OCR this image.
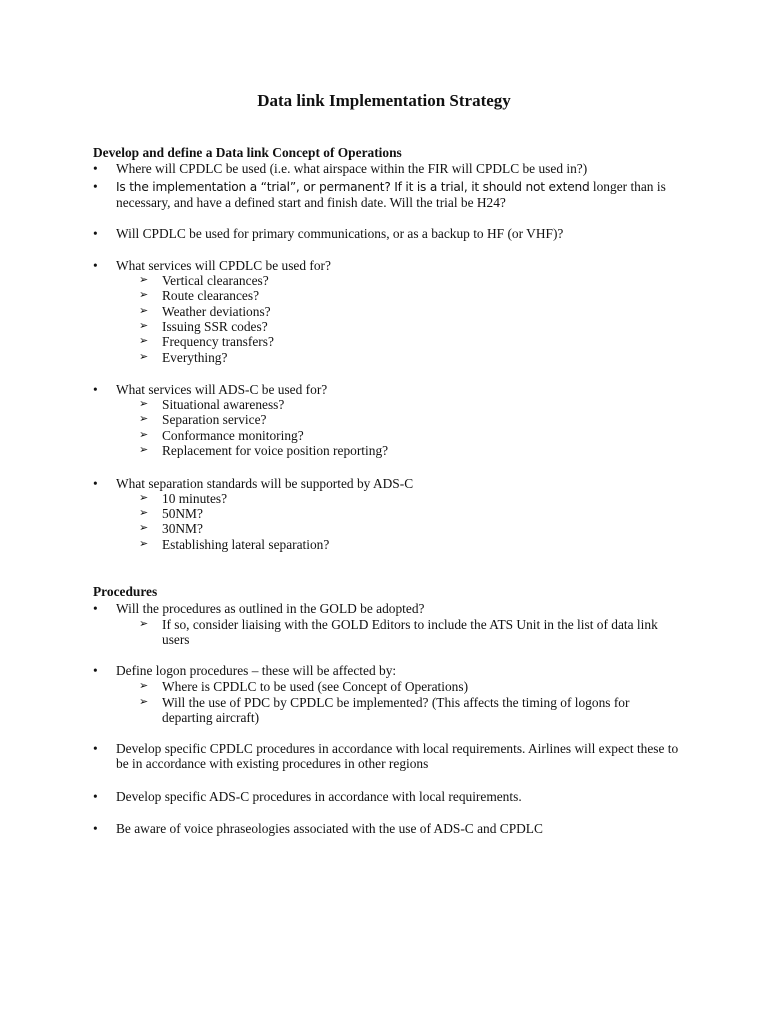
Data link Implementation Strategy
Develop and define a Data link Concept of Operations
•	Where will CPDLC be used (i.e. what airspace within the FIR will CPDLC be used in?)
•	Is the implementation a “trial”, or permanent? If it is a trial, it should not extend longer than is necessary, and have a defined start and finish date. Will the trial be H24?
•	Will CPDLC be used for primary communications, or as a backup to HF (or VHF)?
•	What services will CPDLC be used for?
➢ Vertical clearances?
➢ Route clearances?
➢ Weather deviations?
➢ Issuing SSR codes?
➢ Frequency transfers?
➢ Everything?
•	What services will ADS-C be used for?
➢ Situational awareness?
➢ Separation service?
➢ Conformance monitoring?
➢ Replacement for voice position reporting?
•	What separation standards will be supported by ADS-C
➢ 10 minutes?
➢ 50NM?
➢ 30NM?
➢ Establishing lateral separation?
Procedures
•	Will the procedures as outlined in the GOLD be adopted?
➢ If so, consider liaising with the GOLD Editors to include the ATS Unit in the list of data link users
•	Define logon procedures – these will be affected by:
➢ Where is CPDLC to be used (see Concept of Operations)
➢ Will the use of PDC by CPDLC be implemented? (This affects the timing of logons for departing aircraft)
•	Develop specific CPDLC procedures in accordance with local requirements. Airlines will expect these to be in accordance with existing procedures in other regions
•	Develop specific ADS-C procedures in accordance with local requirements.
•	Be aware of voice phraseologies associated with the use of ADS-C and CPDLC
